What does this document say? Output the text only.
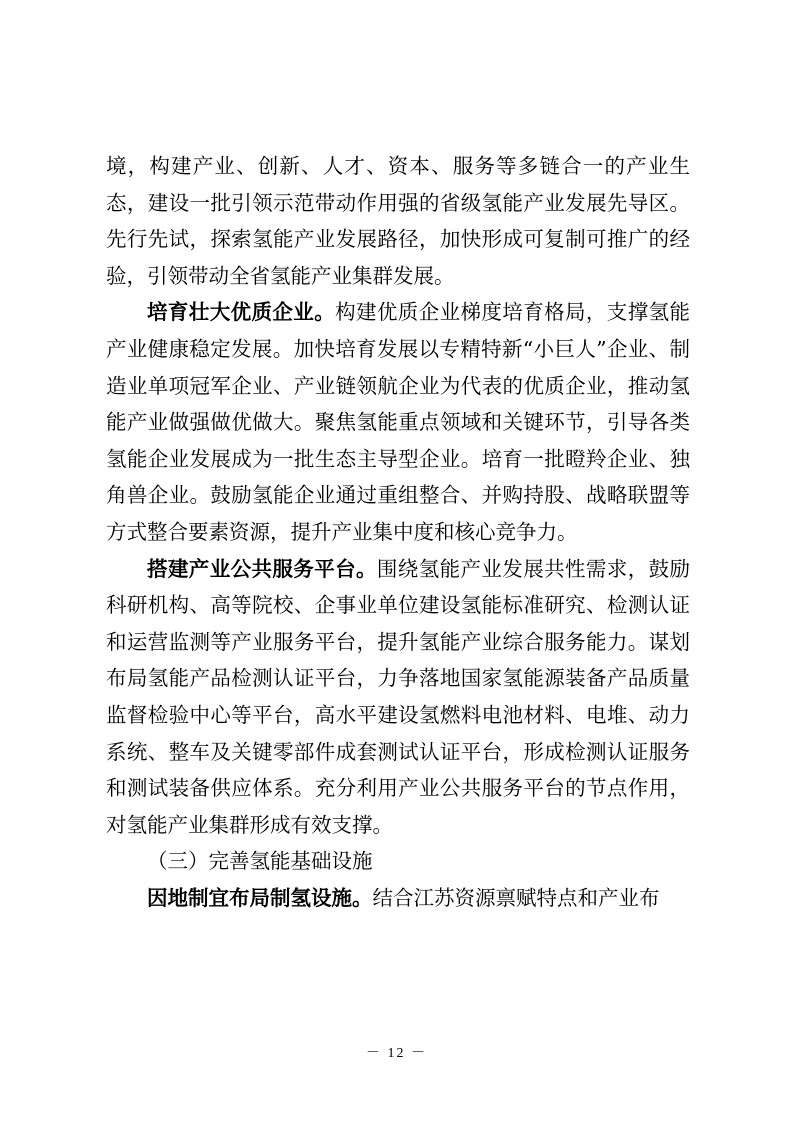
境，构建产业、创新、人才、资本、服务等多链合一的产业生态，建设一批引领示范带动作用强的省级氢能产业发展先导区。先行先试，探索氢能产业发展路径，加快形成可复制可推广的经验，引领带动全省氢能产业集群发展。

培育壮大优质企业。构建优质企业梯度培育格局，支撑氢能产业健康稳定发展。加快培育发展以专精特新“小巨人”企业、制造业单项冠军企业、产业链领航企业为代表的优质企业，推动氢能产业做强做优做大。聚焦氢能重点领域和关键环节，引导各类氢能企业发展成为一批生态主导型企业。培育一批瞪羚企业、独角兽企业。鼓励氢能企业通过重组整合、并购持股、战略联盟等方式整合要素资源，提升产业集中度和核心竞争力。

搭建产业公共服务平台。围绕氢能产业发展共性需求，鼓励科研机构、高等院校、企事业单位建设氢能标准研究、检测认证和运营监测等产业服务平台，提升氢能产业综合服务能力。谋划布局氢能产品检测认证平台，力争落地国家氢能源装备产品质量监督检验中心等平台，高水平建设氢燃料电池材料、电堆、动力系统、整车及关键零部件成套测试认证平台，形成检测认证服务和测试装备供应体系。充分利用产业公共服务平台的节点作用，对氢能产业集群形成有效支撑。

（三）完善氢能基础设施

因地制宜布局制氢设施。结合江苏资源禀赋特点和产业布

－ 12 －
